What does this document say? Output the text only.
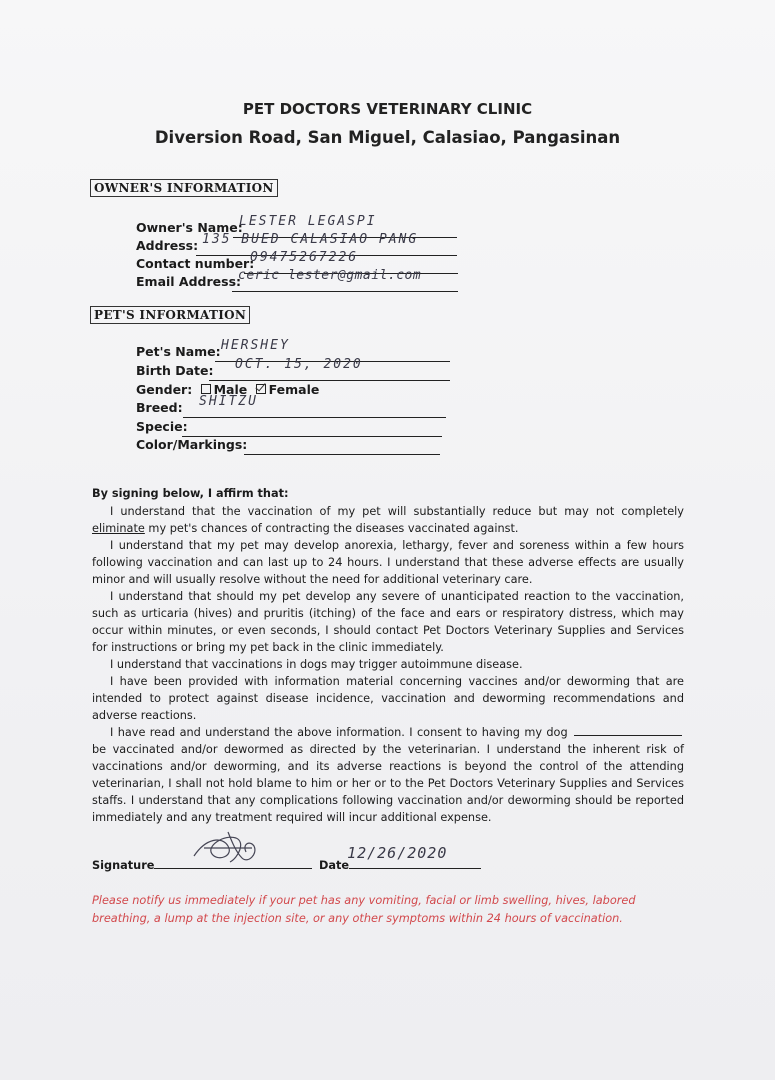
PET DOCTORS VETERINARY CLINIC
Diversion Road, San Miguel, Calasiao, Pangasinan
OWNER'S INFORMATION
Owner's Name:
LESTER LEGASPI
Address: 135 BUED CALASIAO PANG
Contact number:
09475267226
Email Address:
ceric lester@gmail.com
PET'S INFORMATION
Pet's Name: HERSHEY
Birth Date: OCT. 15, 2020
Gender: Male Female
Breed: SHITZU
Specie:
Color/Markings:
By signing below, I affirm that:

I understand that the vaccination of my pet will substantially reduce but may not completely eliminate my pet's chances of contracting the diseases vaccinated against.

I understand that my pet may develop anorexia, lethargy, fever and soreness within a few hours following vaccination and can last up to 24 hours. I understand that these adverse effects are usually minor and will usually resolve without the need for additional veterinary care.

I understand that should my pet develop any severe of unanticipated reaction to the vaccination, such as urticaria (hives) and pruritis (itching) of the face and ears or respiratory distress, which may occur within minutes, or even seconds, I should contact Pet Doctors Veterinary Supplies and Services for instructions or bring my pet back in the clinic immediately.

I understand that vaccinations in dogs may trigger autoimmune disease.

I have been provided with information material concerning vaccines and/or deworming that are intended to protect against disease incidence, vaccination and deworming recommendations and adverse reactions.

I have read and understand the above information. I consent to having my dog  be vaccinated and/or dewormed as directed by the veterinarian. I understand the inherent risk of vaccinations and/or deworming, and its adverse reactions is beyond the control of the attending veterinarian, I shall not hold blame to him or her or to the Pet Doctors Veterinary Supplies and Services staffs. I understand that any complications following vaccination and/or deworming should be reported immediately and any treatment required will incur additional expense.

Signature	Date
12/26/2020
Please notify us immediately if your pet has any vomiting, facial or limb swelling, hives, labored breathing, a lump at the injection site, or any other symptoms within 24 hours of vaccination.
